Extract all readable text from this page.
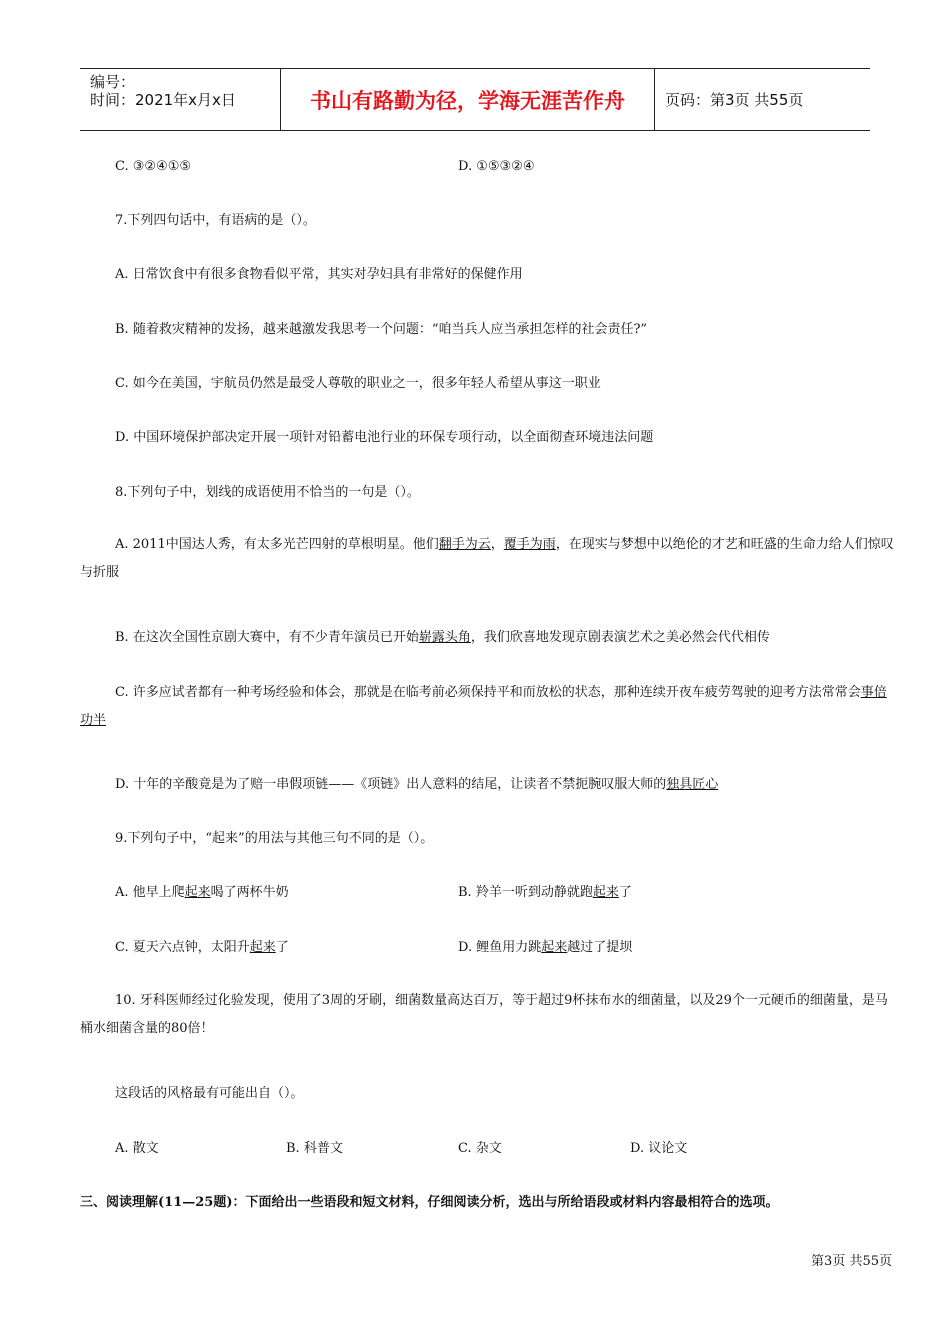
编号：
时间：2021年x月x日	书山有路勤为径，学海无涯苦作舟	页码：第3页 共55页
C. ③②④①⑤	D. ①⑤③②④
7.下列四句话中，有语病的是（）。
A. 日常饮食中有很多食物看似平常，其实对孕妇具有非常好的保健作用
B. 随着救灾精神的发扬，越来越激发我思考一个问题：“咱当兵人应当承担怎样的社会责任?”
C. 如今在美国，宇航员仍然是最受人尊敬的职业之一，很多年轻人希望从事这一职业
D. 中国环境保护部决定开展一项针对铅蓄电池行业的环保专项行动，以全面彻查环境违法问题
8.下列句子中，划线的成语使用不恰当的一句是（）。
A. 2011中国达人秀，有太多光芒四射的草根明星。他们翻手为云，覆手为雨，在现实与梦想中以绝伦的才艺和旺盛的生命力给人们惊叹与折服
B. 在这次全国性京剧大赛中，有不少青年演员已开始崭露头角，我们欣喜地发现京剧表演艺术之美必然会代代相传
C. 许多应试者都有一种考场经验和体会，那就是在临考前必须保持平和而放松的状态，那种连续开夜车疲劳驾驶的迎考方法常常会事倍功半
D. 十年的辛酸竟是为了赔一串假项链——《项链》出人意料的结尾，让读者不禁扼腕叹服大师的独具匠心
9.下列句子中，“起来”的用法与其他三句不同的是（）。
A. 他早上爬起来喝了两杯牛奶	B. 羚羊一听到动静就跑起来了
C. 夏天六点钟，太阳升起来了	D. 鲤鱼用力跳起来越过了提坝
10. 牙科医师经过化验发现，使用了3周的牙刷，细菌数量高达百万，等于超过9杯抹布水的细菌量，以及29个一元硬币的细菌量，是马桶水细菌含量的80倍！
这段话的风格最有可能出自（）。
A. 散文	B. 科普文	C. 杂文	D. 议论文
三、阅读理解(11—25题)：下面给出一些语段和短文材料，仔细阅读分析，选出与所给语段或材料内容最相符合的选项。
第3页 共55页
